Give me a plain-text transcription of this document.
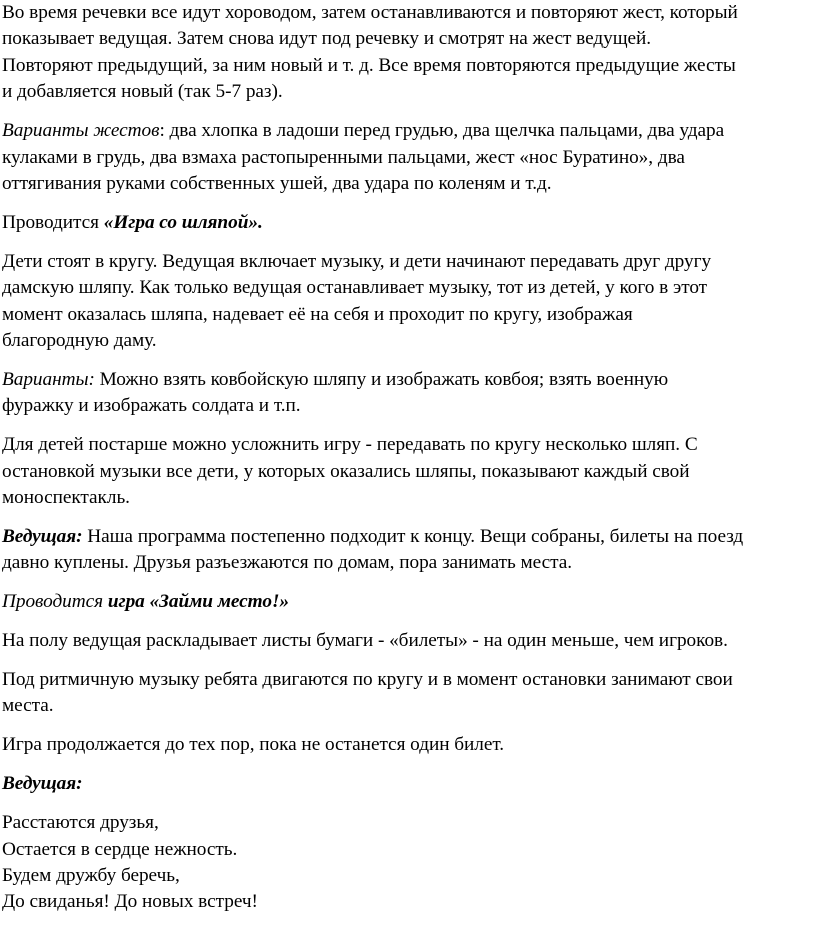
Во время речевки все идут хороводом, затем останавливаются и повторяют жест, который

показывает ведущая. Затем снова идут под речевку и смотрят на жест ведущей.

Повторяют предыдущий, за ним новый и т. д. Все время повторяются предыдущие жесты

и добавляется новый (так 5-7 раз).

Варианты жестов: два хлопка в ладоши перед грудью, два щелчка пальцами, два удара

кулаками в грудь, два взмаха растопыренными пальцами, жест «нос Буратино», два

оттягивания руками собственных ушей, два удара по коленям и т.д.

Проводится «Игра со шляпой».

Дети стоят в кругу. Ведущая включает музыку, и дети начинают передавать друг другу

дамскую шляпу. Как только ведущая останавливает музыку, тот из детей, у кого в этот

момент оказалась шляпа, надевает её на себя и проходит по кругу, изображая

благородную даму.

Варианты: Можно взять ковбойскую шляпу и изображать ковбоя; взять военную

фуражку и изображать солдата и т.п.

Для детей постарше можно усложнить игру - передавать по кругу несколько шляп. С

остановкой музыки все дети, у которых оказались шляпы, показывают каждый свой

моноспектакль.

Ведущая: Наша программа постепенно подходит к концу. Вещи собраны, билеты на поезд

давно куплены. Друзья разъезжаются по домам, пора занимать места.

Проводится игра «Займи место!»

На полу ведущая раскладывает листы бумаги - «билеты» - на один меньше, чем игроков.

Под ритмичную музыку ребята двигаются по кругу и в момент остановки занимают свои

места.

Игра продолжается до тех пор, пока не останется один билет.

Ведущая:

Расстаются друзья,

Остается в сердце нежность.

Будем дружбу беречь,

До свиданья! До новых встреч!
